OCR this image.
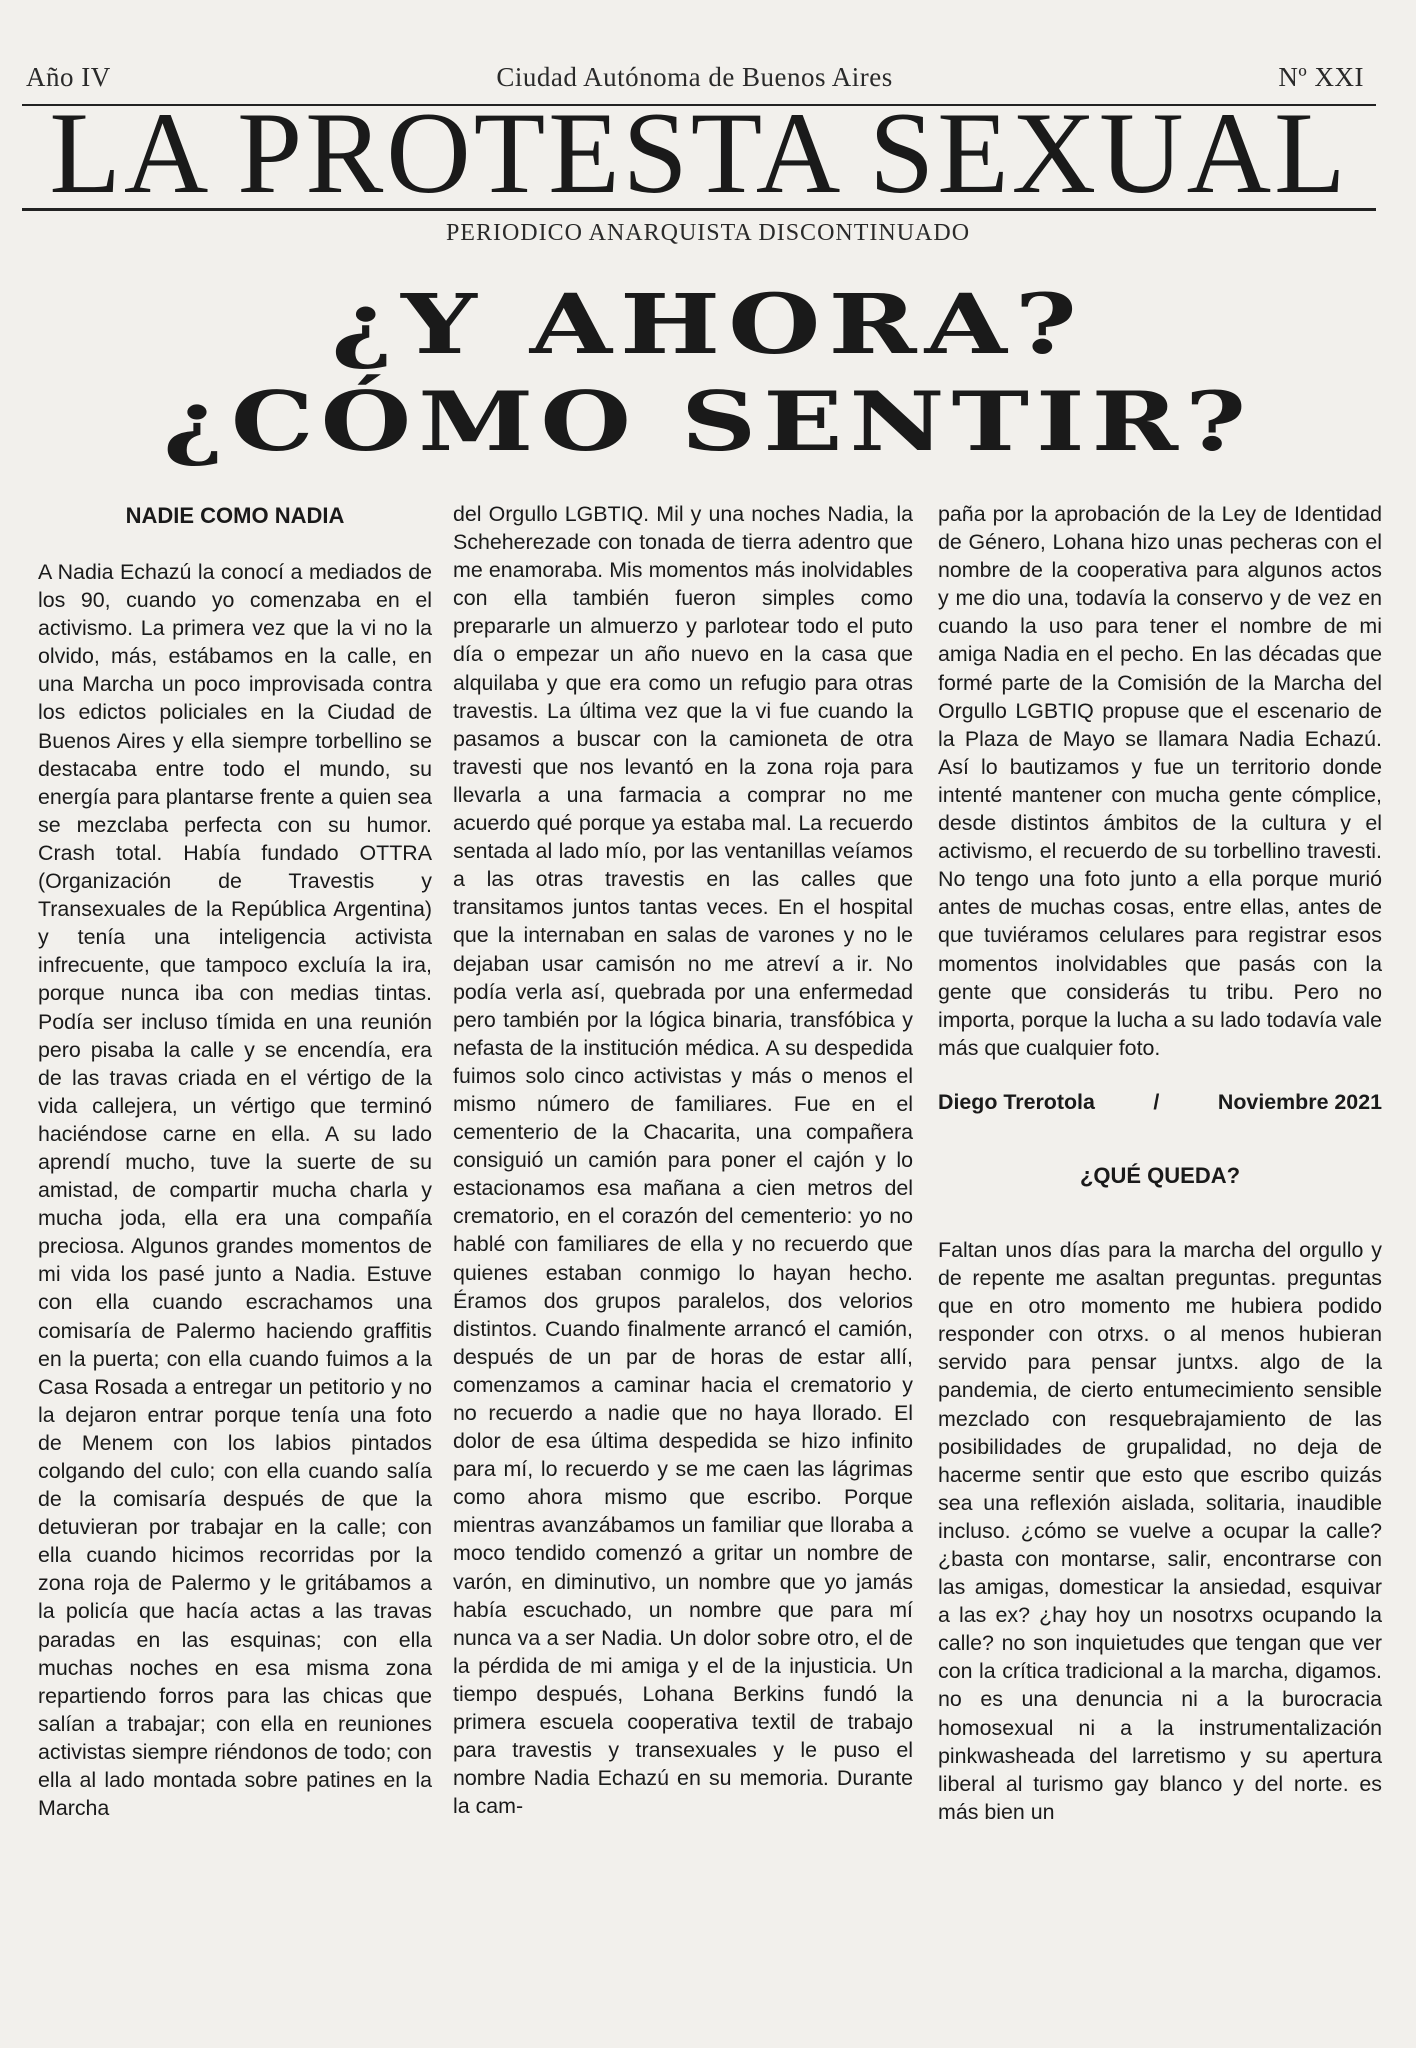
Año IV	Ciudad Autónoma de Buenos Aires	Nº XXI
LA PROTESTA SEXUAL
PERIODICO ANARQUISTA DISCONTINUADO
¿Y AHORA?
¿CÓMO SENTIR?
NADIE COMO NADIA

A Nadia Echazú la conocí a mediados de los 90, cuando yo comenzaba en el activismo. La primera vez que la vi no la olvido, más, estábamos en la calle, en una Marcha un poco improvisada contra los edictos policiales en la Ciudad de Buenos Aires y ella siempre torbellino se destacaba entre todo el mundo, su energía para plantarse frente a quien sea se mezclaba perfecta con su humor. Crash total. Había fundado OTTRA (Organización de Travestis y Transexuales de la República Argentina) y tenía una inteligencia activista infrecuente, que tampoco excluía la ira, porque nunca iba con medias tintas. Podía ser incluso tímida en una reunión pero pisaba la calle y se encendía, era de las travas criada en el vértigo de la vida callejera, un vértigo que terminó haciéndose carne en ella. A su lado aprendí mucho, tuve la suerte de su amistad, de compartir mucha charla y mucha joda, ella era una compañía preciosa. Algunos grandes momentos de mi vida los pasé junto a Nadia. Estuve con ella cuando escrachamos una comisaría de Palermo haciendo graffitis en la puerta; con ella cuando fuimos a la Casa Rosada a entregar un petitorio y no la dejaron entrar porque tenía una foto de Menem con los labios pintados colgando del culo; con ella cuando salía de la comisaría después de que la detuvieran por trabajar en la calle; con ella cuando hicimos recorridas por la zona roja de Palermo y le gritábamos a la policía que hacía actas a las travas paradas en las esquinas; con ella muchas noches en esa misma zona repartiendo forros para las chicas que salían a trabajar; con ella en reuniones activistas siempre riéndonos de todo; con ella al lado montada sobre patines en la Marcha

del Orgullo LGBTIQ. Mil y una noches Nadia, la Scheherezade con tonada de tierra adentro que me enamoraba. Mis momentos más inolvidables con ella también fueron simples como prepararle un almuerzo y parlotear todo el puto día o empezar un año nuevo en la casa que alquilaba y que era como un refugio para otras travestis. La última vez que la vi fue cuando la pasamos a buscar con la camioneta de otra travesti que nos levantó en la zona roja para llevarla a una farmacia a comprar no me acuerdo qué porque ya estaba mal. La recuerdo sentada al lado mío, por las ventanillas veíamos a las otras travestis en las calles que transitamos juntos tantas veces. En el hospital que la internaban en salas de varones y no le dejaban usar camisón no me atreví a ir. No podía verla así, quebrada por una enfermedad pero también por la lógica binaria, transfóbica y nefasta de la institución médica. A su despedida fuimos solo cinco activistas y más o menos el mismo número de familiares. Fue en el cementerio de la Chacarita, una compañera consiguió un camión para poner el cajón y lo estacionamos esa mañana a cien metros del crematorio, en el corazón del cementerio: yo no hablé con familiares de ella y no recuerdo que quienes estaban conmigo lo hayan hecho. Éramos dos grupos paralelos, dos velorios distintos. Cuando finalmente arrancó el camión, después de un par de horas de estar allí, comenzamos a caminar hacia el crematorio y no recuerdo a nadie que no haya llorado. El dolor de esa última despedida se hizo infinito para mí, lo recuerdo y se me caen las lágrimas como ahora mismo que escribo. Porque mientras avanzábamos un familiar que lloraba a moco tendido comenzó a gritar un nombre de varón, en diminutivo, un nombre que yo jamás había escuchado, un nombre que para mí nunca va a ser Nadia. Un dolor sobre otro, el de la pérdida de mi amiga y el de la injusticia. Un tiempo después, Lohana Berkins fundó la primera escuela cooperativa textil de trabajo para travestis y transexuales y le puso el nombre Nadia Echazú en su memoria. Durante la cam-

paña por la aprobación de la Ley de Identidad de Género, Lohana hizo unas pecheras con el nombre de la cooperativa para algunos actos y me dio una, todavía la conservo y de vez en cuando la uso para tener el nombre de mi amiga Nadia en el pecho. En las décadas que formé parte de la Comisión de la Marcha del Orgullo LGBTIQ propuse que el escenario de la Plaza de Mayo se llamara Nadia Echazú. Así lo bautizamos y fue un territorio donde intenté mantener con mucha gente cómplice, desde distintos ámbitos de la cultura y el activismo, el recuerdo de su torbellino travesti. No tengo una foto junto a ella porque murió antes de muchas cosas, entre ellas, antes de que tuviéramos celulares para registrar esos momentos inolvidables que pasás con la gente que considerás tu tribu. Pero no importa, porque la lucha a su lado todavía vale más que cualquier foto.

Diego Trerotola	/	Noviembre 2021
¿QUÉ QUEDA?

Faltan unos días para la marcha del orgullo y de repente me asaltan preguntas. preguntas que en otro momento me hubiera podido responder con otrxs. o al menos hubieran servido para pensar juntxs. algo de la pandemia, de cierto entumecimiento sensible mezclado con resquebrajamiento de las posibilidades de grupalidad, no deja de hacerme sentir que esto que escribo quizás sea una reflexión aislada, solitaria, inaudible incluso. ¿cómo se vuelve a ocupar la calle? ¿basta con montarse, salir, encontrarse con las amigas, domesticar la ansiedad, esquivar a las ex? ¿hay hoy un nosotrxs ocupando la calle? no son inquietudes que tengan que ver con la crítica tradicional a la marcha, digamos. no es una denuncia ni a la burocracia homosexual ni a la instrumentalización pinkwasheada del larretismo y su apertura liberal al turismo gay blanco y del norte. es más bien un
